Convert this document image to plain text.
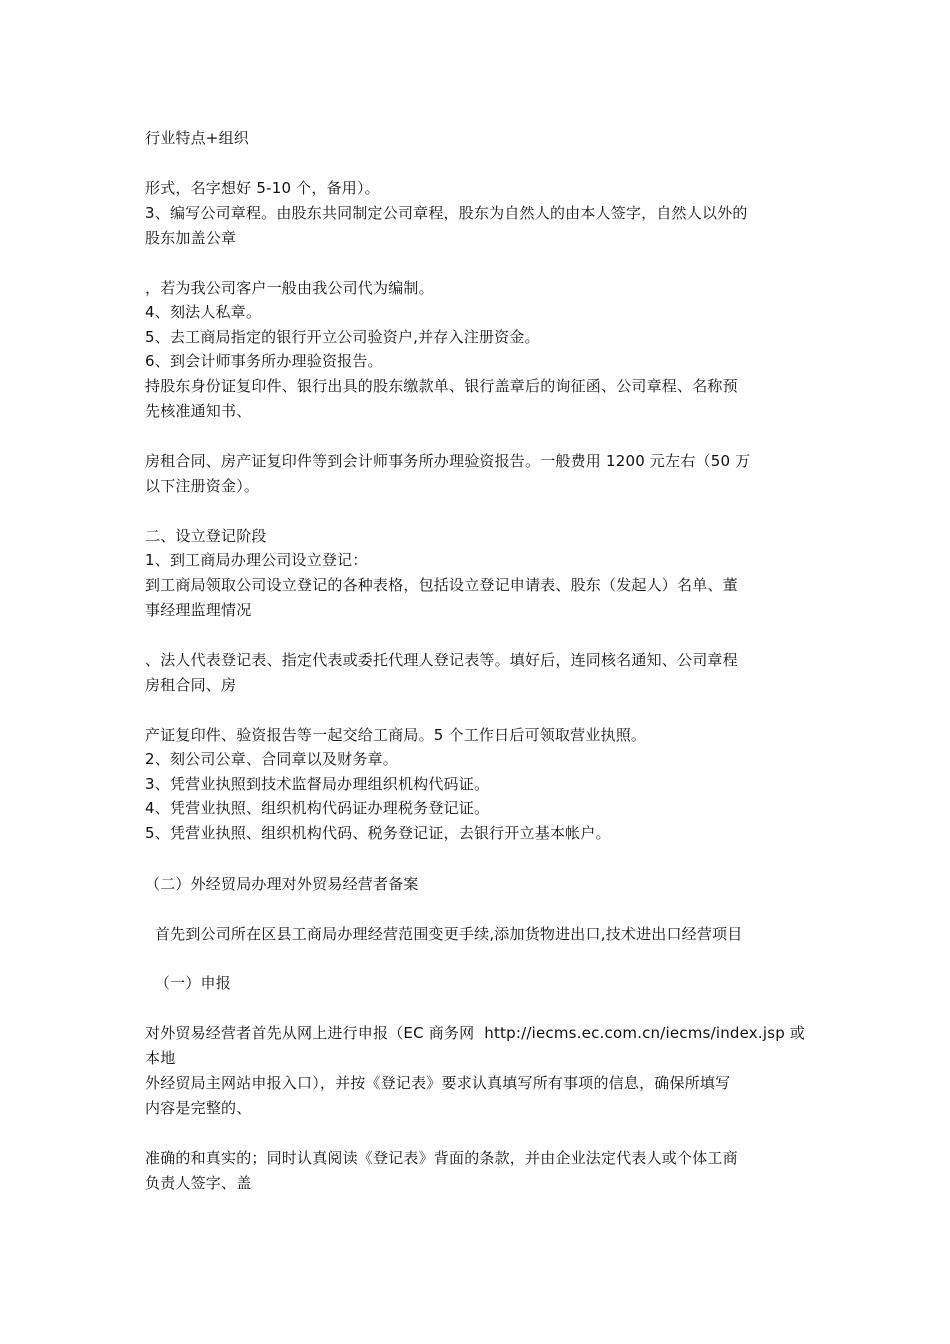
行业特点+组织
形式，名字想好 5-10 个，备用）。
3、编写公司章程。由股东共同制定公司章程，股东为自然人的由本人签字，自然人以外的
股东加盖公章
，若为我公司客户一般由我公司代为编制。
4、刻法人私章。
5、去工商局指定的银行开立公司验资户,并存入注册资金。
6、到会计师事务所办理验资报告。
持股东身份证复印件、银行出具的股东缴款单、银行盖章后的询征函、公司章程、名称预
先核准通知书、
房租合同、房产证复印件等到会计师事务所办理验资报告。一般费用 1200 元左右（50 万
以下注册资金）。
二、设立登记阶段
1、到工商局办理公司设立登记：
到工商局领取公司设立登记的各种表格，包括设立登记申请表、股东（发起人）名单、董
事经理监理情况
、法人代表登记表、指定代表或委托代理人登记表等。填好后，连同核名通知、公司章程
房租合同、房
产证复印件、验资报告等一起交给工商局。5 个工作日后可领取营业执照。
2、刻公司公章、合同章以及财务章。
3、凭营业执照到技术监督局办理组织机构代码证。
4、凭营业执照、组织机构代码证办理税务登记证。
5、凭营业执照、组织机构代码、税务登记证，去银行开立基本帐户。
（二）外经贸局办理对外贸易经营者备案
首先到公司所在区县工商局办理经营范围变更手续,添加货物进出口,技术进出口经营项目
（一）申报
对外贸易经营者首先从网上进行申报（EC 商务网  http://iecms.ec.com.cn/iecms/index.jsp 或
本地
外经贸局主网站申报入口），并按《登记表》要求认真填写所有事项的信息，确保所填写
内容是完整的、
准确的和真实的；同时认真阅读《登记表》背面的条款，并由企业法定代表人或个体工商
负责人签字、盖
